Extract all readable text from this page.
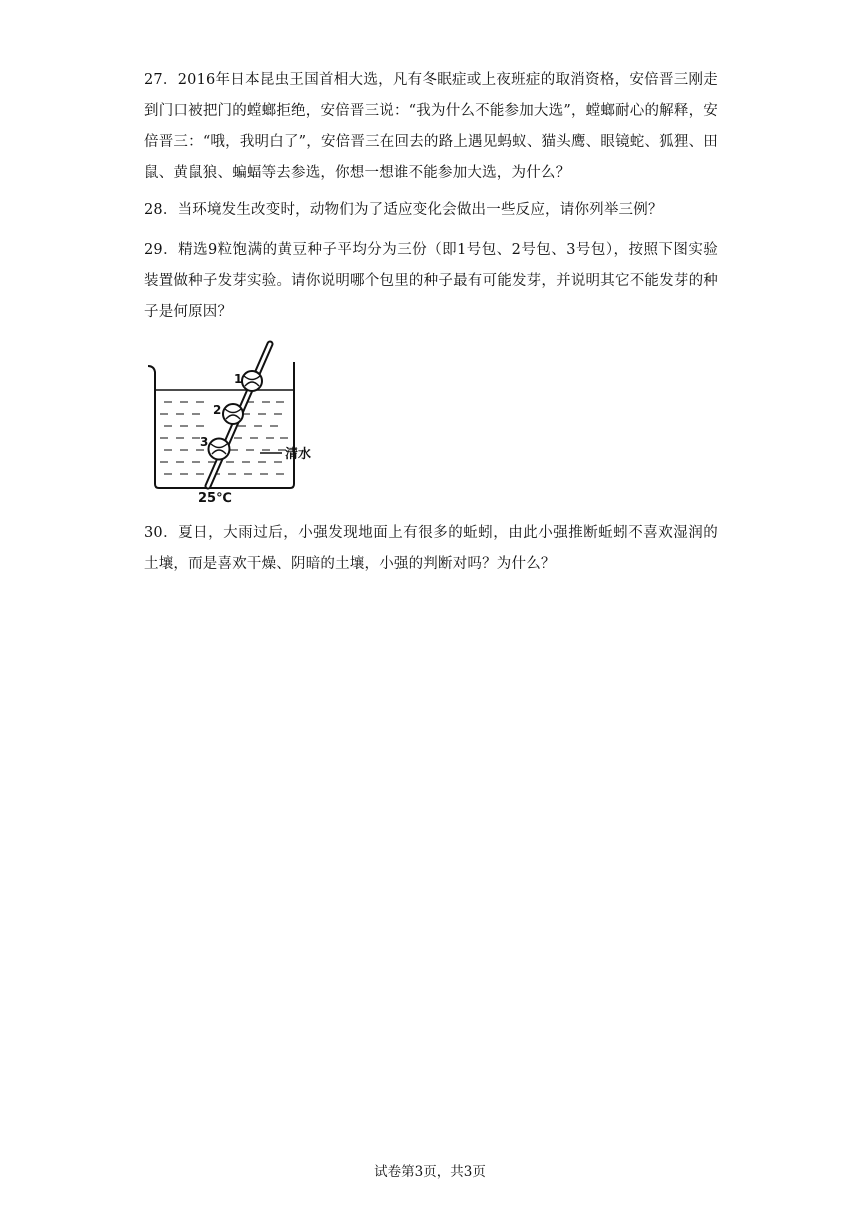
27．2016年日本昆虫王国首相大选，凡有冬眠症或上夜班症的取消资格，安倍晋三刚走到门口被把门的螳螂拒绝，安倍晋三说：“我为什么不能参加大选”，螳螂耐心的解释，安倍晋三：“哦，我明白了”，安倍晋三在回去的路上遇见蚂蚁、猫头鹰、眼镜蛇、狐狸、田鼠、黄鼠狼、蝙蝠等去参选，你想一想谁不能参加大选，为什么？
28．当环境发生改变时，动物们为了适应变化会做出一些反应，请你列举三例？
29．精选9粒饱满的黄豆种子平均分为三份（即1号包、2号包、3号包），按照下图实验装置做种子发芽实验。请你说明哪个包里的种子最有可能发芽，并说明其它不能发芽的种子是何原因？
1
2
3
清水
25℃
30．夏日，大雨过后，小强发现地面上有很多的蚯蚓，由此小强推断蚯蚓不喜欢湿润的土壤，而是喜欢干燥、阴暗的土壤，小强的判断对吗？为什么？
试卷第3页，共3页
